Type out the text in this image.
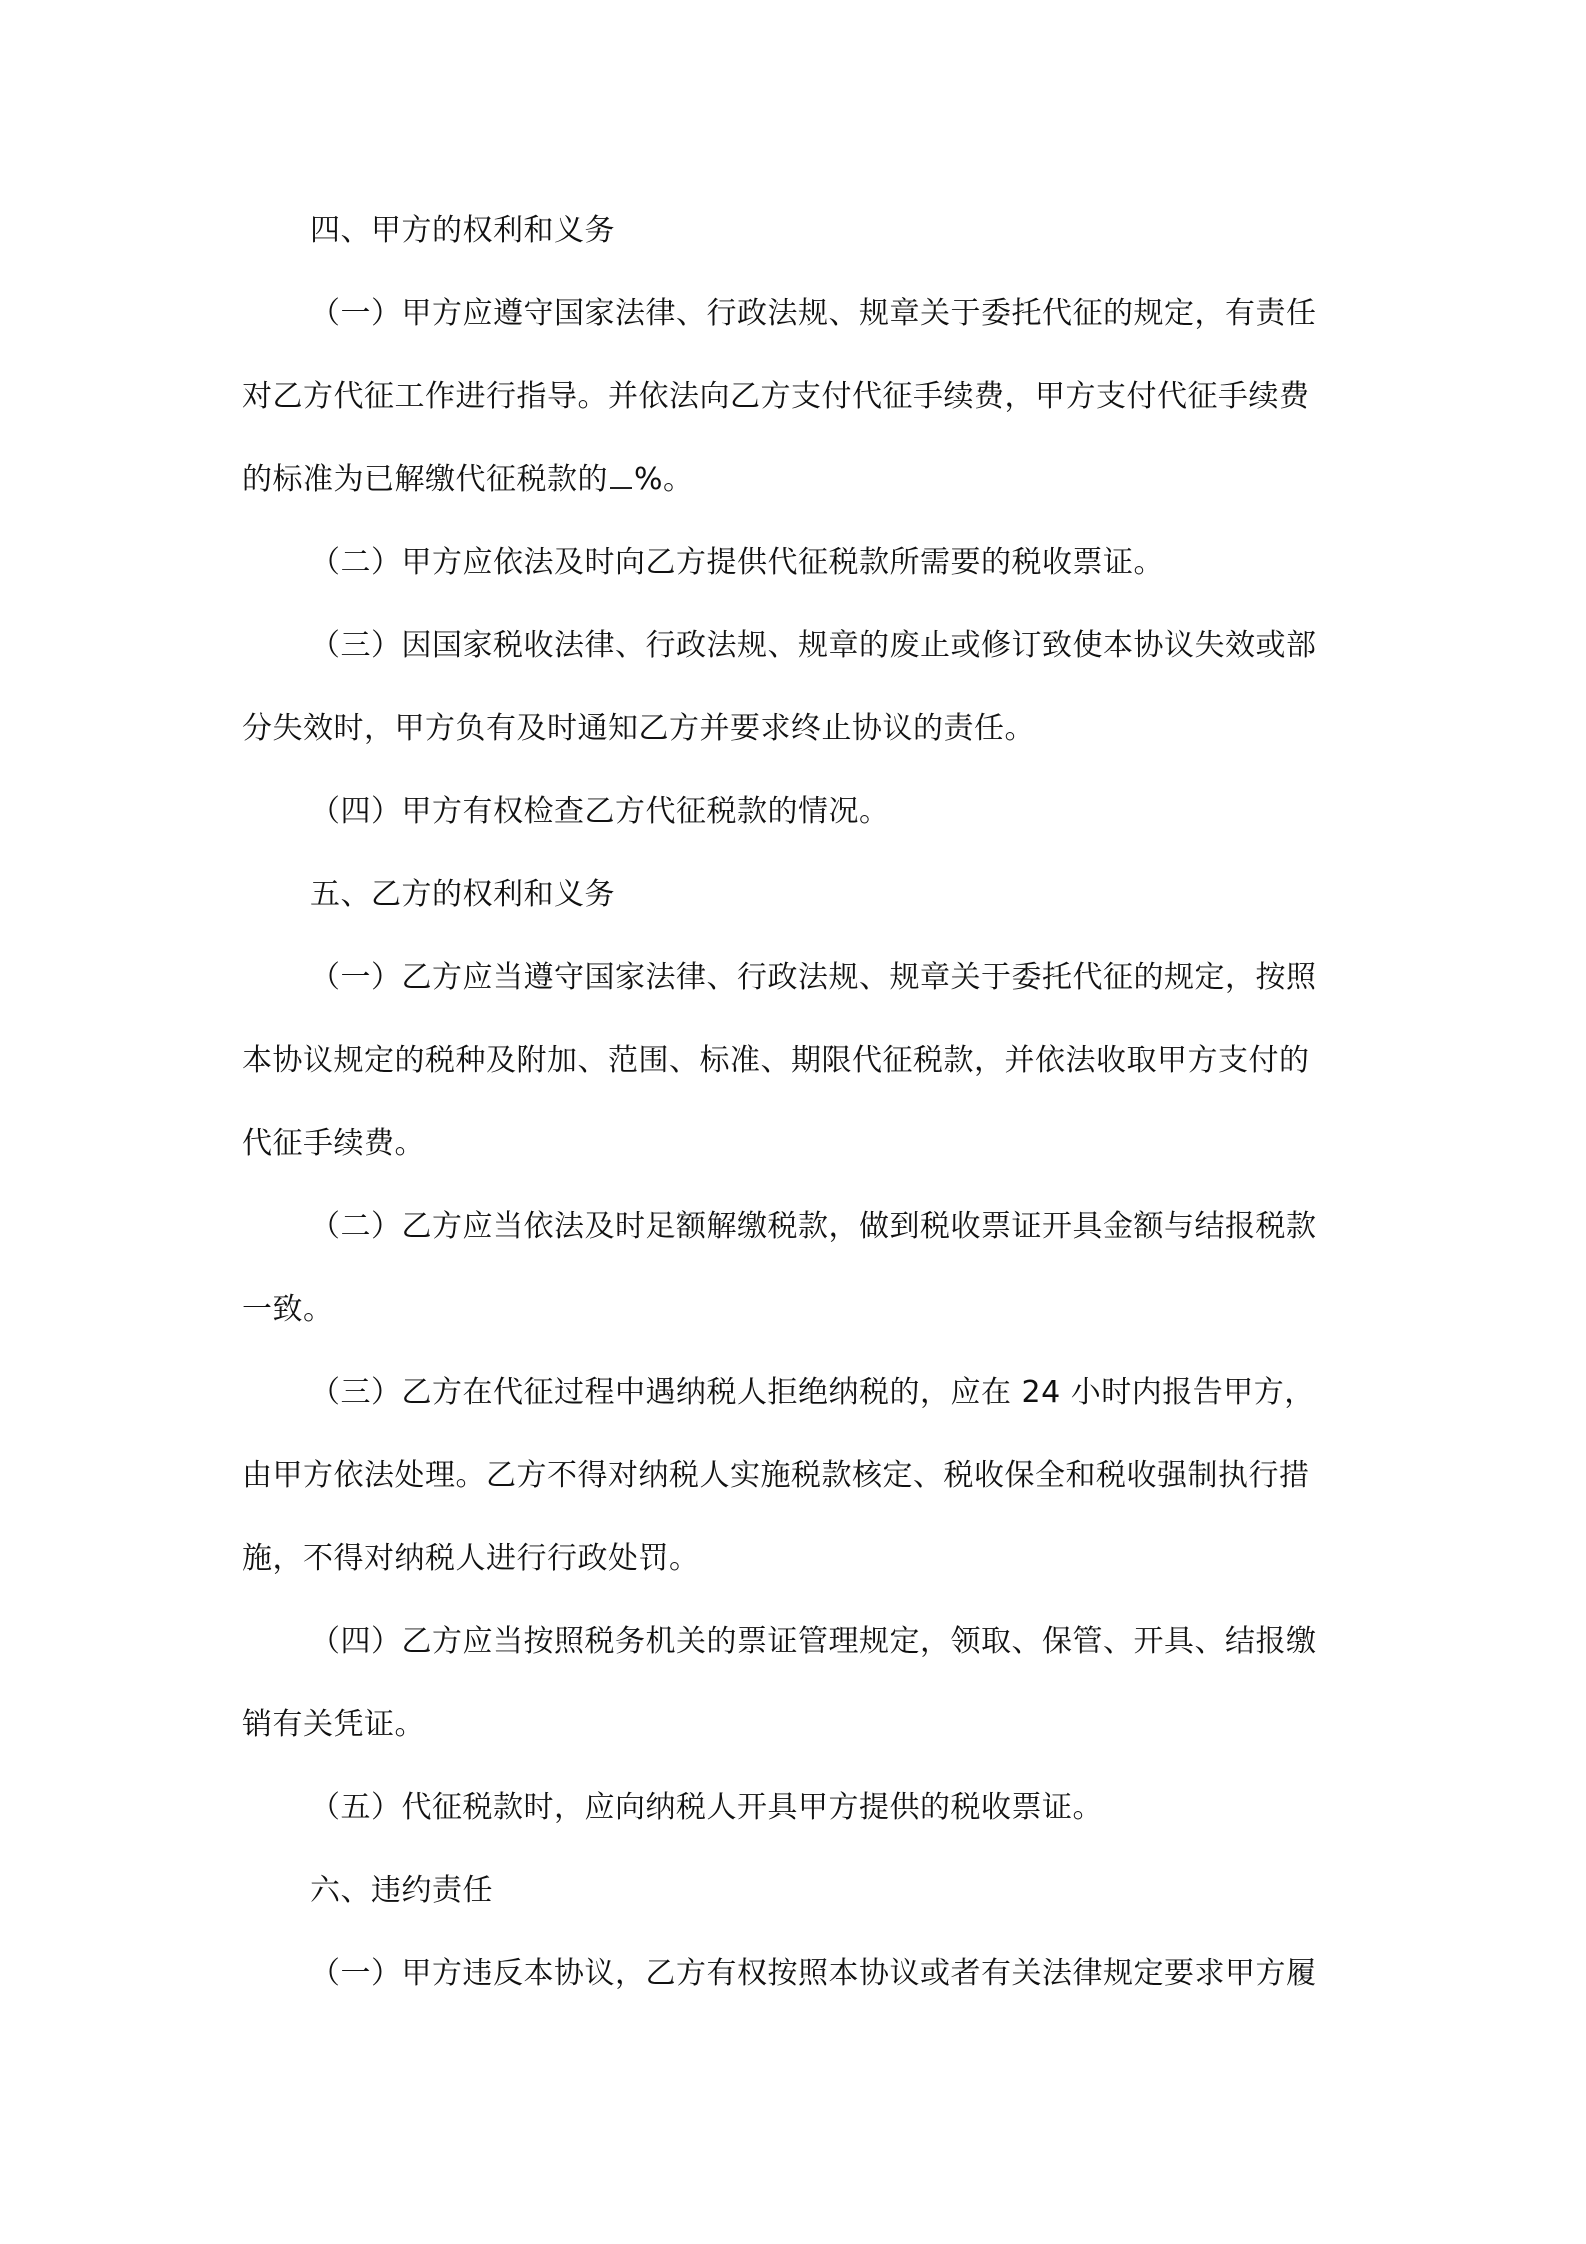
四、甲方的权利和义务
（一）甲方应遵守国家法律、行政法规、规章关于委托代征的规定，有责任
对乙方代征工作进行指导。并依法向乙方支付代征手续费，甲方支付代征手续费
的标准为已解缴代征税款的 %。
（二）甲方应依法及时向乙方提供代征税款所需要的税收票证。
（三）因国家税收法律、行政法规、规章的废止或修订致使本协议失效或部
分失效时，甲方负有及时通知乙方并要求终止协议的责任。
（四）甲方有权检查乙方代征税款的情况。
五、乙方的权利和义务
（一）乙方应当遵守国家法律、行政法规、规章关于委托代征的规定，按照
本协议规定的税种及附加、范围、标准、期限代征税款，并依法收取甲方支付的
代征手续费。
（二）乙方应当依法及时足额解缴税款，做到税收票证开具金额与结报税款
一致。
（三）乙方在代征过程中遇纳税人拒绝纳税的，应在 24 小时内报告甲方，
由甲方依法处理。乙方不得对纳税人实施税款核定、税收保全和税收强制执行措
施，不得对纳税人进行行政处罚。
（四）乙方应当按照税务机关的票证管理规定，领取、保管、开具、结报缴
销有关凭证。
（五）代征税款时，应向纳税人开具甲方提供的税收票证。
六、违约责任
（一）甲方违反本协议，乙方有权按照本协议或者有关法律规定要求甲方履
